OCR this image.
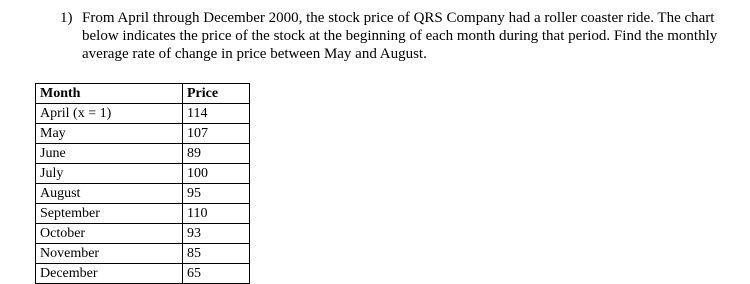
1) From April through December 2000, the stock price of QRS Company had a roller coaster ride. The chart below indicates the price of the stock at the beginning of each month during that period. Find the monthly average rate of change in price between May and August.
Month	Price
April (x = 1)	114
May	107
June	89
July	100
August	95
September	110
October	93
November	85
December	65
